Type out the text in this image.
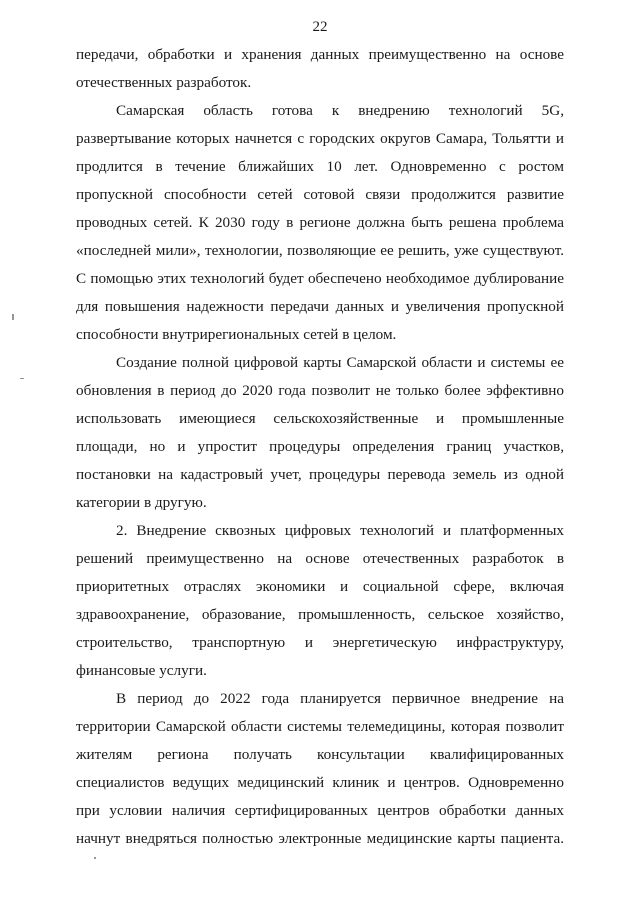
22

передачи, обработки и хранения данных преимущественно на основе отечественных разработок.

Самарская область готова к внедрению технологий 5G, развертывание которых начнется с городских округов Самара, Тольятти и продлится в течение ближайших 10 лет. Одновременно с ростом пропускной способности сетей сотовой связи продолжится развитие проводных сетей. К 2030 году в регионе должна быть решена проблема «последней мили», технологии, позволяющие ее решить, уже существуют. С помощью этих технологий будет обеспечено необходимое дублирование для повышения надежности передачи данных и увеличения пропускной способности внутрирегиональных сетей в целом.

Создание полной цифровой карты Самарской области и системы ее обновления в период до 2020 года позволит не только более эффективно использовать имеющиеся сельскохозяйственные и промышленные площади, но и упростит процедуры определения границ участков, постановки на кадастровый учет, процедуры перевода земель из одной категории в другую.

2. Внедрение сквозных цифровых технологий и платформенных решений преимущественно на основе отечественных разработок в приоритетных отраслях экономики и социальной сфере, включая здравоохранение, образование, промышленность, сельское хозяйство, строительство, транспортную и энергетическую инфраструктуру, финансовые услуги.

В период до 2022 года планируется первичное внедрение на территории Самарской области системы телемедицины, которая позволит жителям региона получать консультации квалифицированных специалистов ведущих медицинский клиник и центров. Одновременно при условии наличия сертифицированных центров обработки данных начнут внедряться полностью электронные медицинские карты пациента.
